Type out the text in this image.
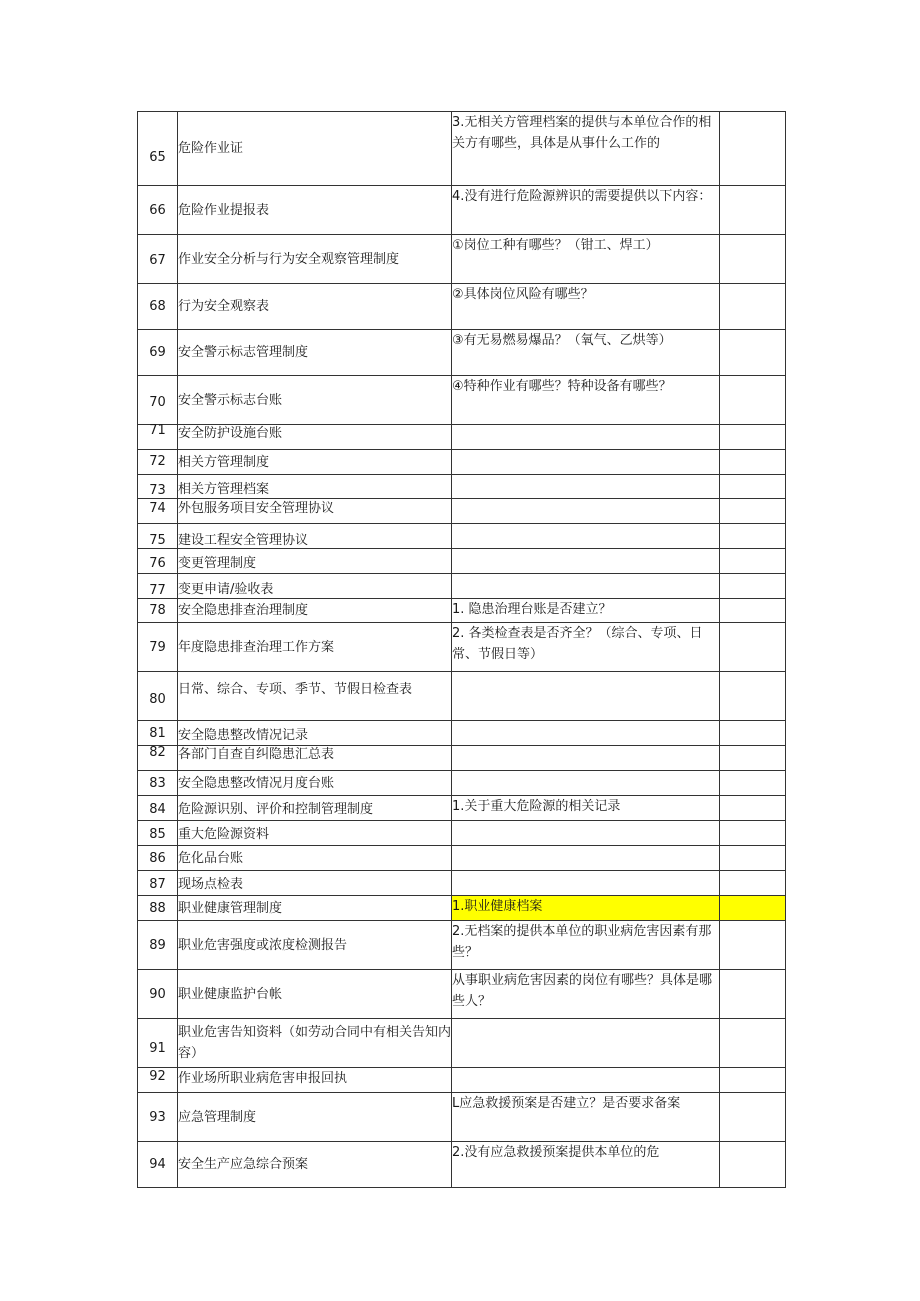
65	危险作业证	3.无相关方管理档案的提供与本单位合作的相关方有哪些，具体是从事什么工作的	
66	危险作业提报表	4.没有进行危险源辨识的需要提供以下内容：	
67	作业安全分析与行为安全观察管理制度	①岗位工种有哪些？（钳工、焊工）	
68	行为安全观察表	②具体岗位风险有哪些？	
69	安全警示标志管理制度	③有无易燃易爆品？（氧气、乙烘等）	
70	安全警示标志台账	④特种作业有哪些？特种设备有哪些？	
71	安全防护设施台账		
72	相关方管理制度		
73	相关方管理档案		
74	外包服务项目安全管理协议		
75	建设工程安全管理协议		
76	变更管理制度		
77	变更申请/验收表		
78	安全隐患排查治理制度	1. 隐患治理台账是否建立？	
79	年度隐患排查治理工作方案	2. 各类检查表是否齐全？（综合、专项、日常、节假日等）	
80	日常、综合、专项、季节、节假日检查表		
81	安全隐患整改情况记录		
82	各部门自查自纠隐患汇总表		
83	安全隐患整改情况月度台账		
84	危险源识别、评价和控制管理制度	1.关于重大危险源的相关记录	
85	重大危险源资料		
86	危化品台账		
87	现场点检表		
88	职业健康管理制度	1.职业健康档案	
89	职业危害强度或浓度检测报告	2.无档案的提供本单位的职业病危害因素有那些？	
90	职业健康监护台帐	从事职业病危害因素的岗位有哪些？具体是哪些人？	
91	职业危害告知资料（如劳动合同中有相关告知内容）		
92	作业场所职业病危害申报回执		
93	应急管理制度	L应急救援预案是否建立？是否要求备案	
94	安全生产应急综合预案	2.没有应急救援预案提供本单位的危	
